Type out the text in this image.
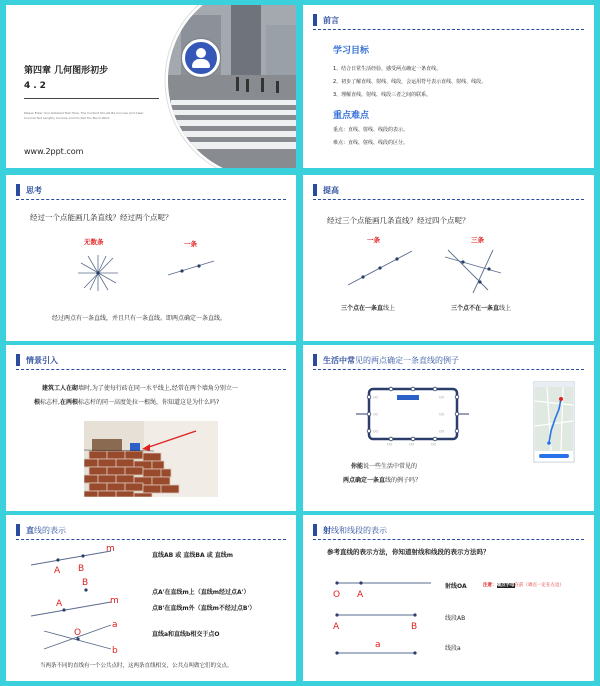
第四章 几何图形初步
4.2
Please Enter Your Detailed Text Here, The Content Should Be Concise And Clear,
Concise Not Lengthy Concise And Do Not Too Much Word.
www.2ppt.com
前言
学习目标
1、结合日常生活经验，感受两点确定一条直线。
2、初步了解直线、射线、线段，会运用符号表示直线、射线、线段。
3、理解直线、射线、线段三者之间的联系。
重点难点
重点：直线、射线、线段的表示。
难点：直线、射线、线段的区分。
思考
经过一个点能画几条直线？经过两个点呢？
无数条	一条
经过两点有一条直线，并且只有一条直线。即两点确定一条直线。
提高
经过三个点能画几条直线？经过四个点呢？
一条	三条
三个点在一条直线上	三个点不在一条直线上
情景引入
建筑工人在砌墙时,为了使每行砖在同一水平线上,经常在两个墙角分别立一
根标志杆,在两根标志杆的同一高度处拉一根绳，你知道这是为什么吗?
生活中常见的两点确定一条直线的例子
○○
○○
○○
○○
○○
○○
○○	○○	○○
你能说一些生活中常见的
两点确定一条直线的例子吗？
直线的表示
m
A B
B
A	m
a
O
b
直线AB 或 直线BA 或 直线m
点A'在直线m上（直线m经过点A'）
点B'在直线m外（直线m不经过点B'）
直线a和直线b相交于点O
当两条不同的直线有一个公共点时，这两条直线相交，公共点叫做它们的交点。
射线和线段的表示
参考直线的表示方法，你知道射线和线段的表示方法吗？
O A
A	B
a
射线OA	注意：端点字母在前（端点一定在左边）
线段AB
线段a
